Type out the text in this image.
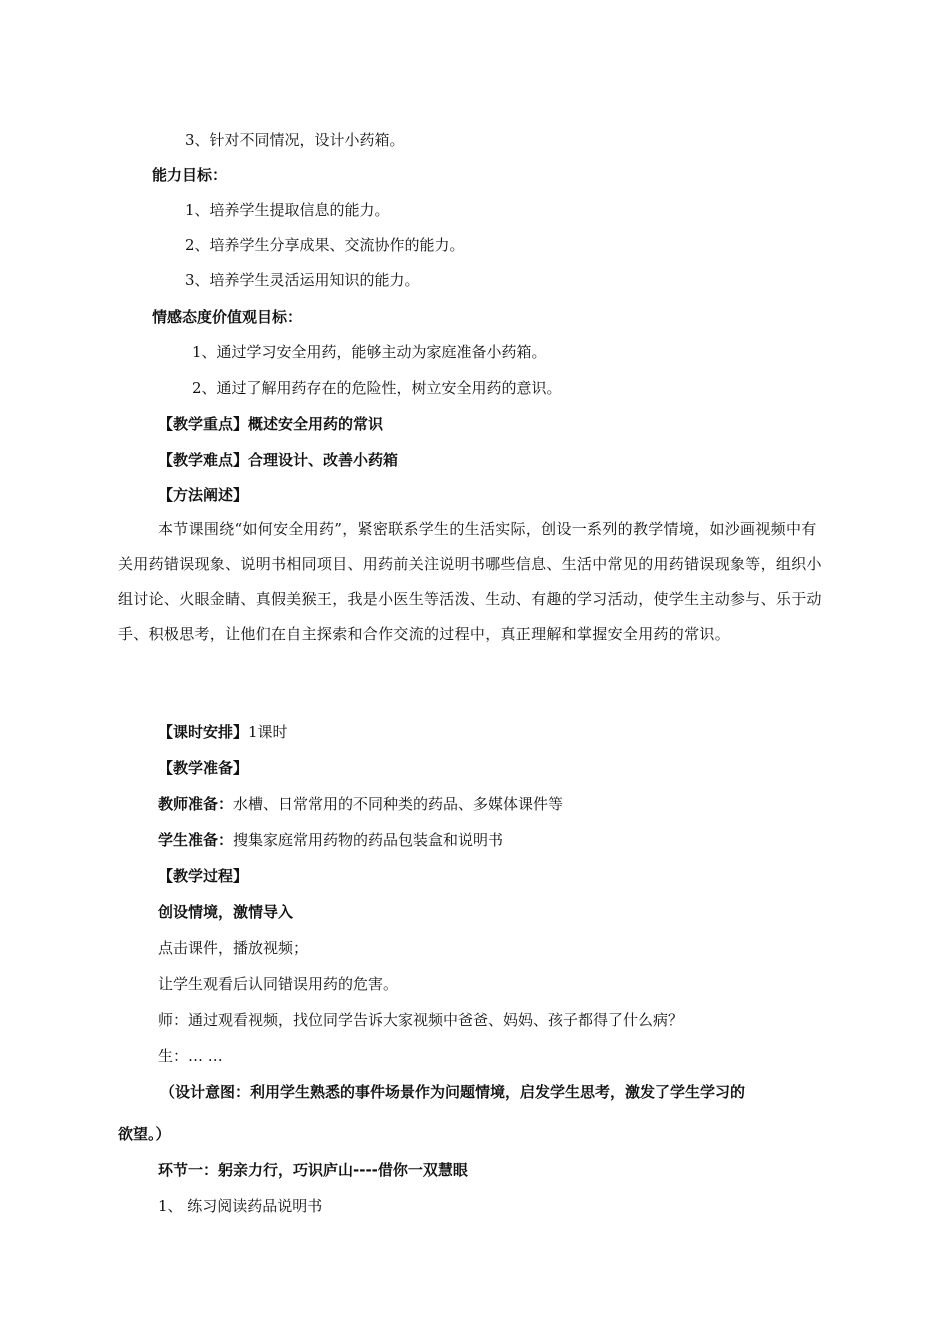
3、针对不同情况，设计小药箱。
能力目标：
1、培养学生提取信息的能力。
2、培养学生分享成果、交流协作的能力。
3、培养学生灵活运用知识的能力。
情感态度价值观目标：
1、通过学习安全用药，能够主动为家庭准备小药箱。
2、通过了解用药存在的危险性，树立安全用药的意识。
【教学重点】概述安全用药的常识
【教学难点】合理设计、改善小药箱
【方法阐述】
本节课围绕“如何安全用药”，紧密联系学生的生活实际，创设一系列的教学情境，如沙画视频中有关用药错误现象、说明书相同项目、用药前关注说明书哪些信息、生活中常见的用药错误现象等，组织小组讨论、火眼金睛、真假美猴王，我是小医生等活泼、生动、有趣的学习活动，使学生主动参与、乐于动手、积极思考，让他们在自主探索和合作交流的过程中，真正理解和掌握安全用药的常识。
【课时安排】1课时
【教学准备】
教师准备：水槽、日常常用的不同种类的药品、多媒体课件等
学生准备：搜集家庭常用药物的药品包装盒和说明书
【教学过程】
创设情境，激情导入
点击课件，播放视频；
让学生观看后认同错误用药的危害。
师：通过观看视频，找位同学告诉大家视频中爸爸、妈妈、孩子都得了什么病？
生：… …
（设计意图：利用学生熟悉的事件场景作为问题情境，启发学生思考，激发了学生学习的
欲望。）
环节一：躬亲力行，巧识庐山----借你一双慧眼
1、 练习阅读药品说明书
